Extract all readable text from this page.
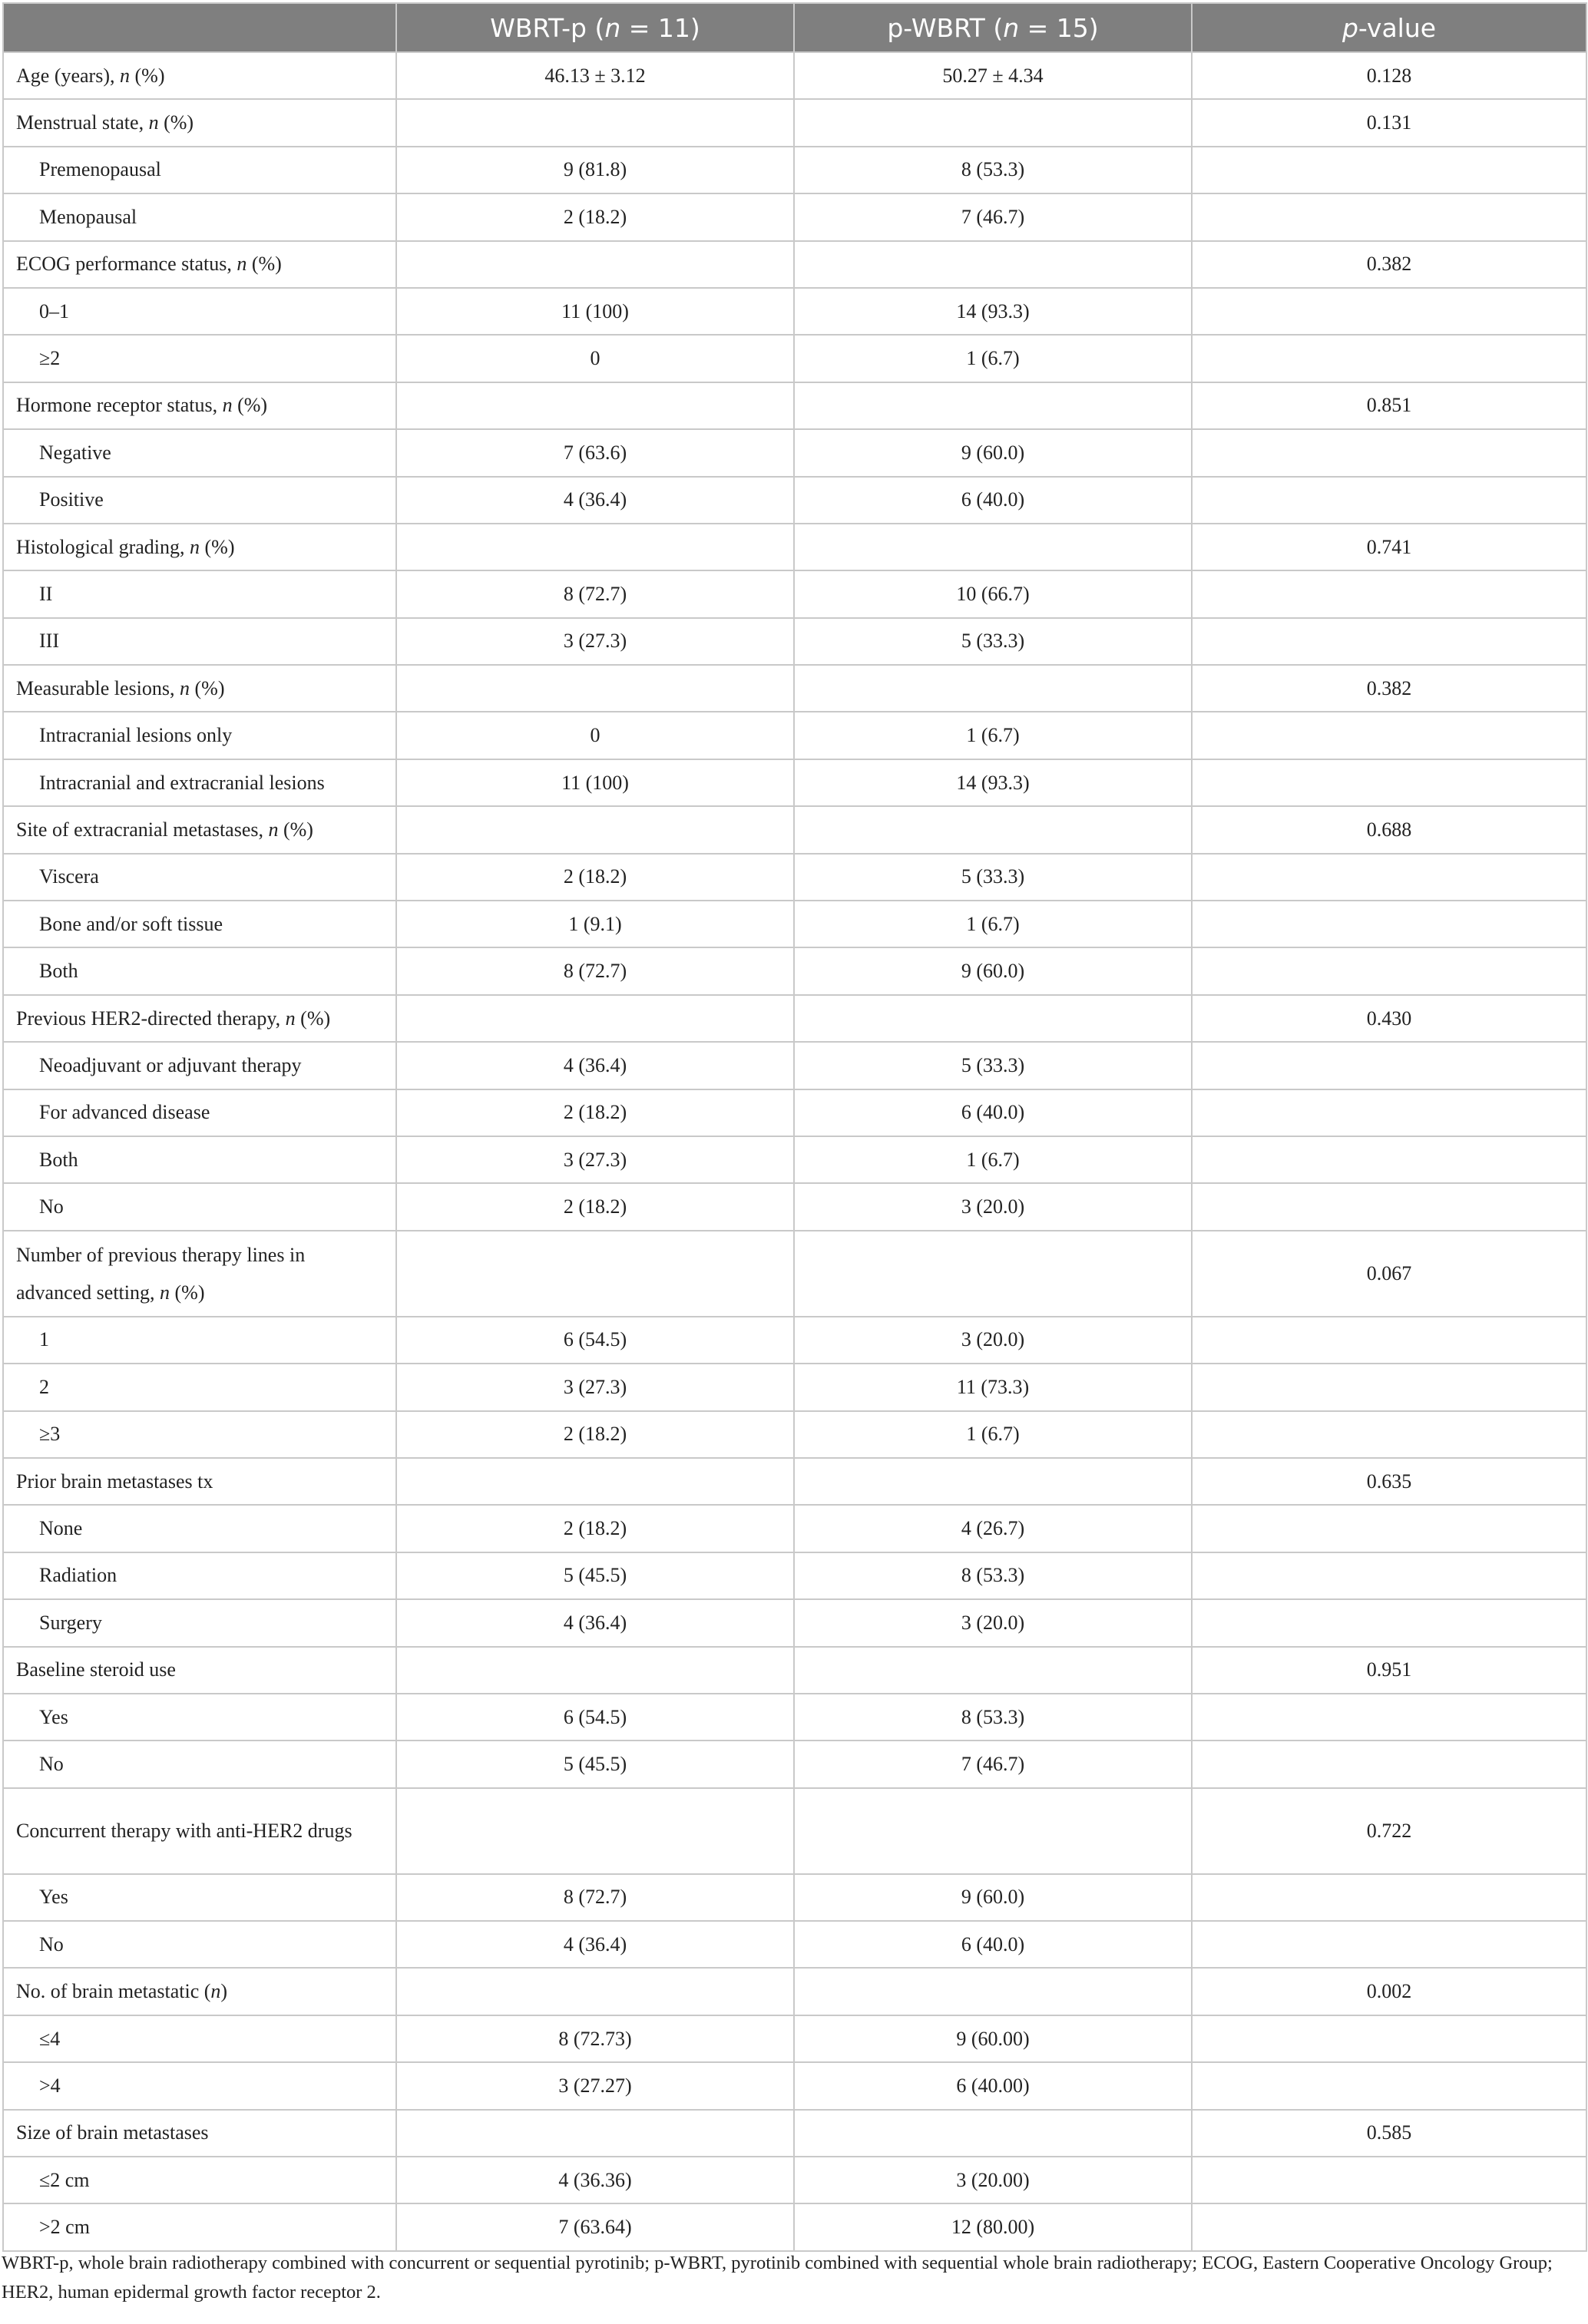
	WBRT-p (n = 11)	p-WBRT (n = 15)	p-value
Age (years), n (%)	46.13 ± 3.12	50.27 ± 4.34	0.128
Menstrual state, n (%)			0.131
Premenopausal	9 (81.8)	8 (53.3)	
Menopausal	2 (18.2)	7 (46.7)	
ECOG performance status, n (%)			0.382
0–1	11 (100)	14 (93.3)	
≥2	0	1 (6.7)	
Hormone receptor status, n (%)			0.851
Negative	7 (63.6)	9 (60.0)	
Positive	4 (36.4)	6 (40.0)	
Histological grading, n (%)			0.741
II	8 (72.7)	10 (66.7)	
III	3 (27.3)	5 (33.3)	
Measurable lesions, n (%)			0.382
Intracranial lesions only	0	1 (6.7)	
Intracranial and extracranial lesions	11 (100)	14 (93.3)	
Site of extracranial metastases, n (%)			0.688
Viscera	2 (18.2)	5 (33.3)	
Bone and/or soft tissue	1 (9.1)	1 (6.7)	
Both	8 (72.7)	9 (60.0)	
Previous HER2-directed therapy, n (%)			0.430
Neoadjuvant or adjuvant therapy	4 (36.4)	5 (33.3)	
For advanced disease	2 (18.2)	6 (40.0)	
Both	3 (27.3)	1 (6.7)	
No	2 (18.2)	3 (20.0)	
Number of previous therapy lines in advanced setting, n (%)			0.067
1	6 (54.5)	3 (20.0)	
2	3 (27.3)	11 (73.3)	
≥3	2 (18.2)	1 (6.7)	
Prior brain metastases tx			0.635
None	2 (18.2)	4 (26.7)	
Radiation	5 (45.5)	8 (53.3)	
Surgery	4 (36.4)	3 (20.0)	
Baseline steroid use			0.951
Yes	6 (54.5)	8 (53.3)	
No	5 (45.5)	7 (46.7)	
Concurrent therapy with anti-HER2 drugs			0.722
Yes	8 (72.7)	9 (60.0)	
No	4 (36.4)	6 (40.0)	
No. of brain metastatic (n)			0.002
≤4	8 (72.73)	9 (60.00)	
>4	3 (27.27)	6 (40.00)	
Size of brain metastases			0.585
≤2 cm	4 (36.36)	3 (20.00)	
>2 cm	7 (63.64)	12 (80.00)	

WBRT-p, whole brain radiotherapy combined with concurrent or sequential pyrotinib; p-WBRT, pyrotinib combined with sequential whole brain radiotherapy; ECOG, Eastern Cooperative Oncology Group; HER2, human epidermal growth factor receptor 2.
